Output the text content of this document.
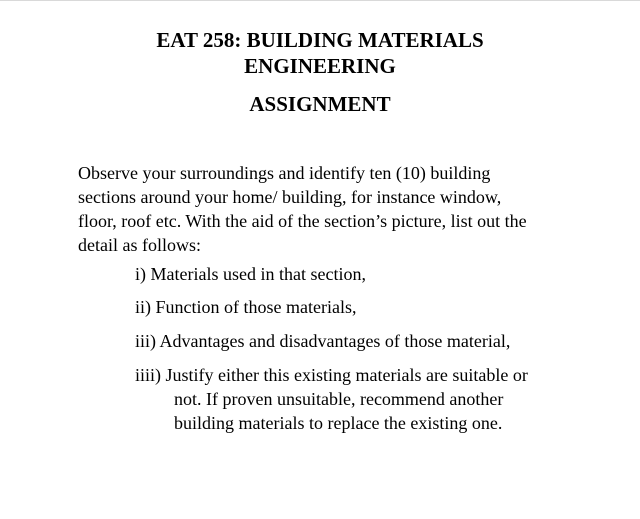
EAT 258: BUILDING MATERIALS
ENGINEERING
ASSIGNMENT

Observe your surroundings and identify ten (10) building
sections around your home/ building, for instance window,
floor, roof etc. With the aid of the section’s picture, list out the
detail as follows:

i) Materials used in that section,

ii) Function of those materials,

iii) Advantages and disadvantages of those material,

iiii) Justify either this existing materials are suitable or
not. If proven unsuitable, recommend another
building materials to replace the existing one.
